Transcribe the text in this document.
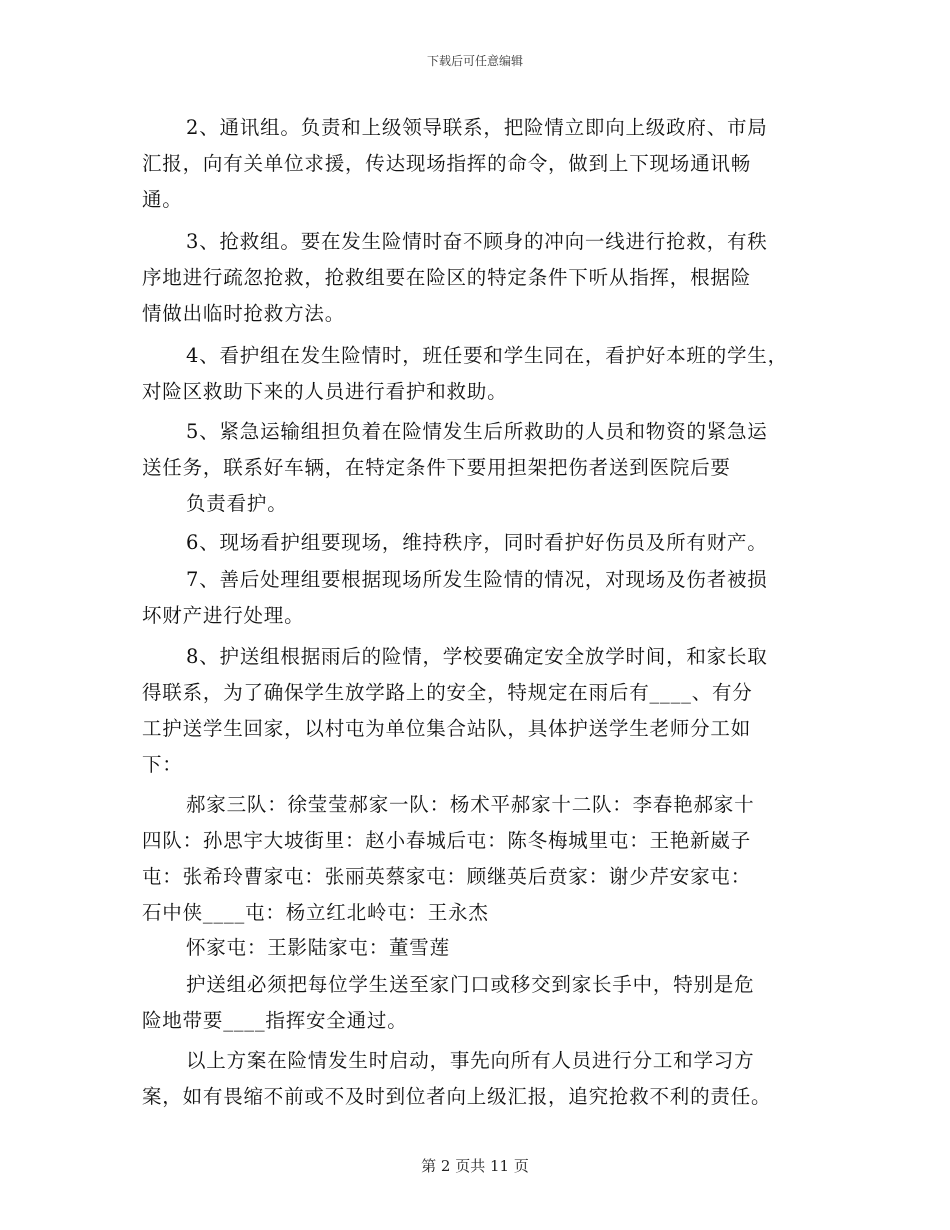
下载后可任意编辑
2、通讯组。负责和上级领导联系，把险情立即向上级政府、市局
汇报，向有关单位求援，传达现场指挥的命令，做到上下现场通讯畅
通。
3、抢救组。要在发生险情时奋不顾身的冲向一线进行抢救，有秩
序地进行疏忽抢救，抢救组要在险区的特定条件下听从指挥，根据险
情做出临时抢救方法。
4、看护组在发生险情时，班任要和学生同在，看护好本班的学生，
对险区救助下来的人员进行看护和救助。
5、紧急运输组担负着在险情发生后所救助的人员和物资的紧急运
送任务，联系好车辆，在特定条件下要用担架把伤者送到医院后要
负责看护。
6、现场看护组要现场，维持秩序，同时看护好伤员及所有财产。
7、善后处理组要根据现场所发生险情的情况，对现场及伤者被损
坏财产进行处理。
8、护送组根据雨后的险情，学校要确定安全放学时间，和家长取
得联系，为了确保学生放学路上的安全，特规定在雨后有____、有分
工护送学生回家，以村屯为单位集合站队，具体护送学生老师分工如
下：
郝家三队：徐莹莹郝家一队：杨术平郝家十二队：李春艳郝家十
四队：孙思宇大坡街里：赵小春城后屯：陈冬梅城里屯：王艳新崴子
屯：张希玲曹家屯：张丽英蔡家屯：顾继英后贲家：谢少芹安家屯：
石中侠____屯：杨立红北岭屯：王永杰
怀家屯：王影陆家屯：董雪莲
护送组必须把每位学生送至家门口或移交到家长手中，特别是危
险地带要____指挥安全通过。
以上方案在险情发生时启动，事先向所有人员进行分工和学习方
案，如有畏缩不前或不及时到位者向上级汇报，追究抢救不利的责任。
第 2 页共 11 页
